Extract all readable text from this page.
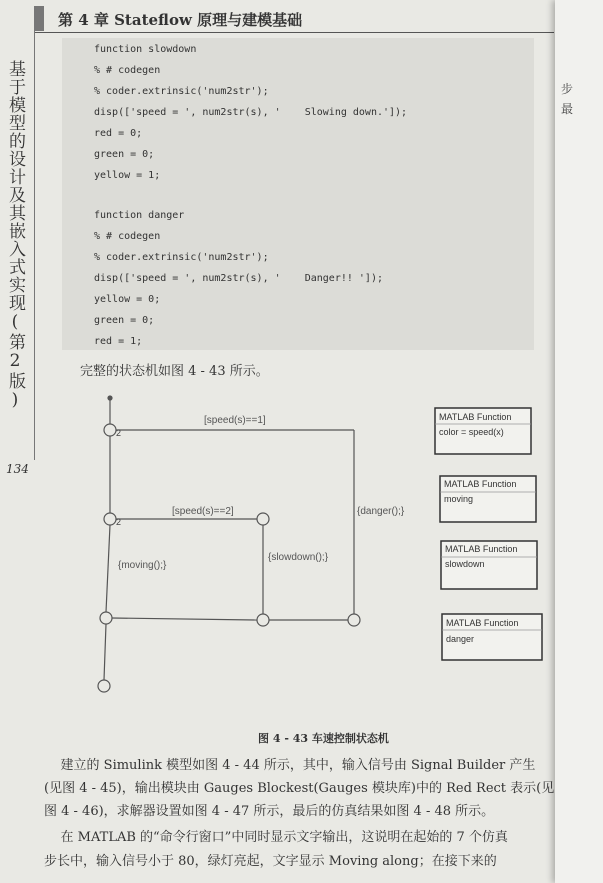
第 4 章 Stateflow 原理与建模基础
基于模型的设计及其嵌入式实现(第2版)
134
function slowdown
% # codegen
% coder.extrinsic('num2str');
disp(['speed = ', num2str(s), '    Slowing down.']);
red = 0;
green = 0;
yellow = 1;
function danger
% # codegen
% coder.extrinsic('num2str');
disp(['speed = ', num2str(s), '    Danger!! ']);
yellow = 0;
green = 0;
red = 1;
完整的状态机如图 4 - 43 所示。
2
2
[speed(s)==1]
[speed(s)==2]
{moving();}
{slowdown();}
{danger();}
MATLAB Function
color = speed(x)
MATLAB Function
moving
MATLAB Function
slowdown
MATLAB Function
danger
图 4 - 43 车速控制状态机
建立的 Simulink 模型如图 4 - 44 所示，其中，输入信号由 Signal Builder 产生
(见图 4 - 45)，输出模块由 Gauges Blockest(Gauges 模块库)中的 Red Rect 表示(见
图 4 - 46)，求解器设置如图 4 - 47 所示，最后的仿真结果如图 4 - 48 所示。
在 MATLAB 的“命令行窗口”中同时显示文字输出，这说明在起始的 7 个仿真
步长中，输入信号小于 80，绿灯亮起，文字显示 Moving along；在接下来的
步
最
